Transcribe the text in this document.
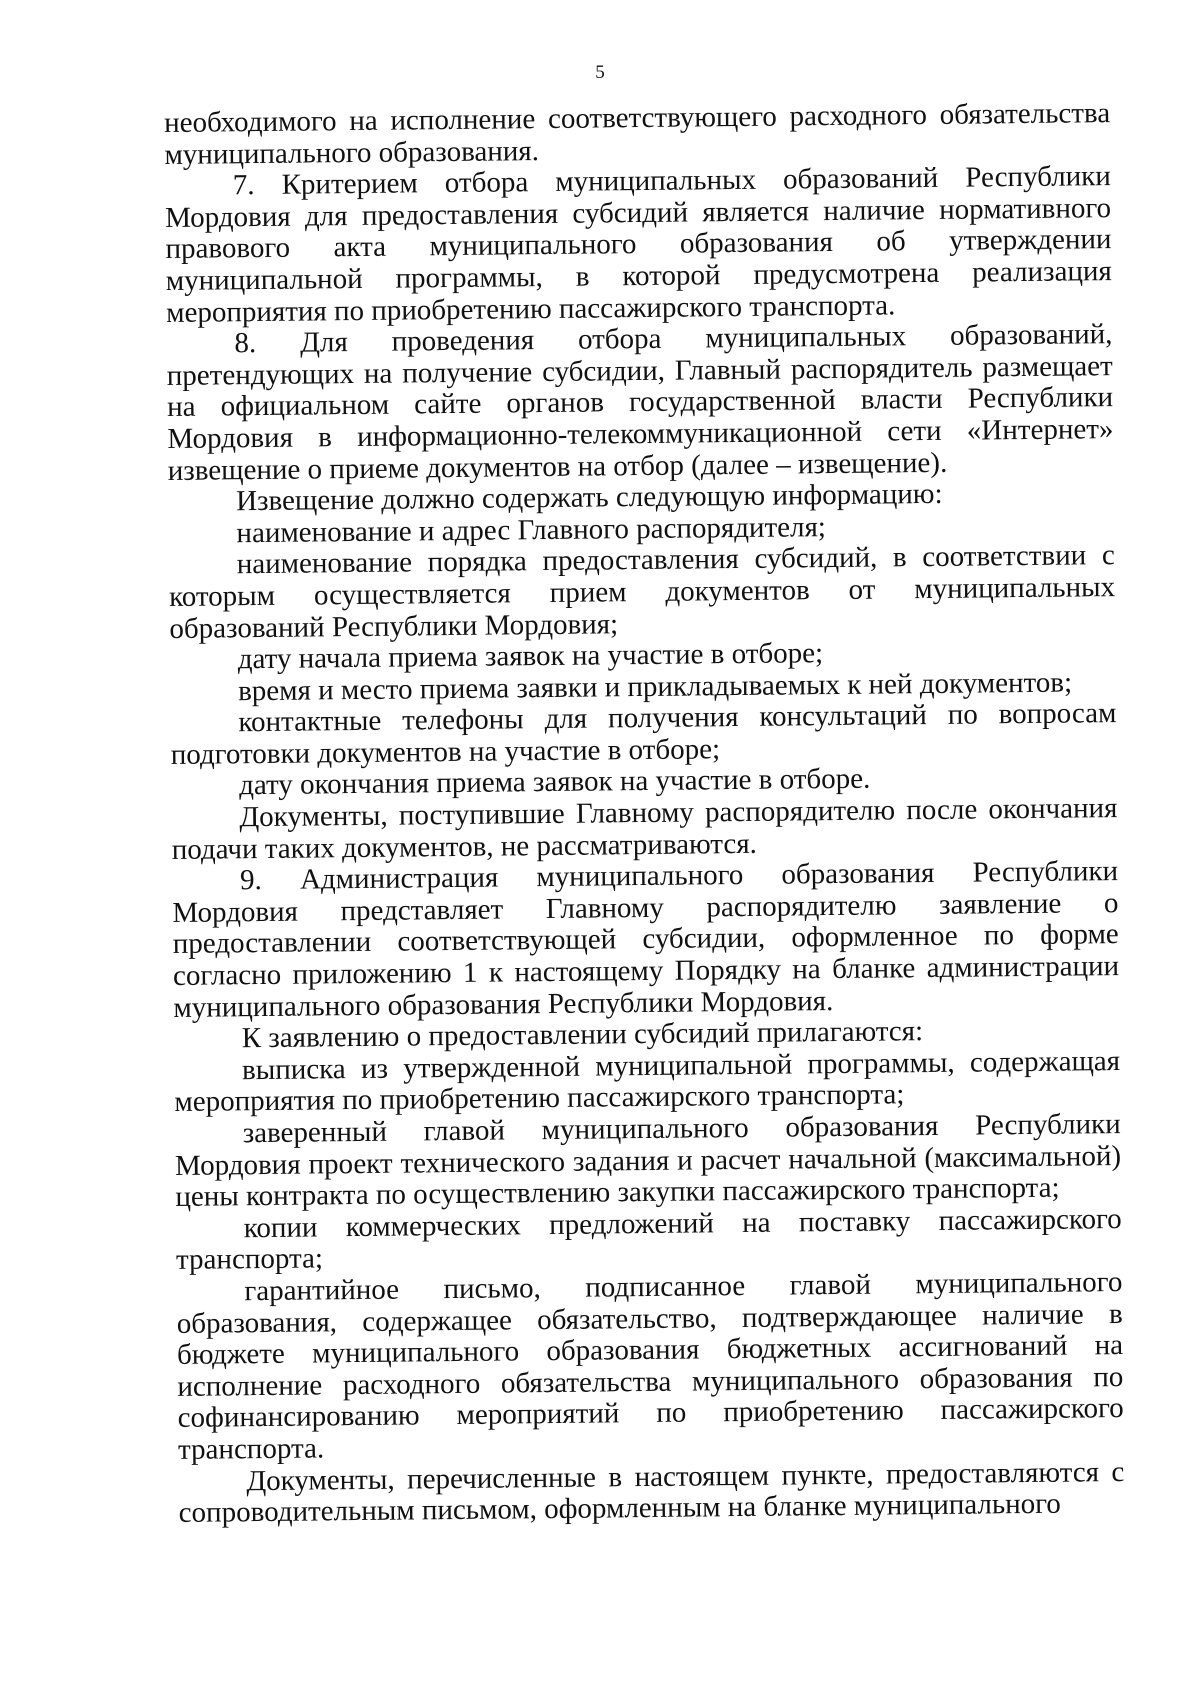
5

необходимого на исполнение соответствующего расходного обязательства муниципального образования.

7. Критерием отбора муниципальных образований Республики Мордовия для предоставления субсидий является наличие нормативного правового акта муниципального образования об утверждении муниципальной программы, в которой предусмотрена реализация мероприятия по приобретению пассажирского транспорта.

8. Для проведения отбора муниципальных образований, претендующих на получение субсидии, Главный распорядитель размещает на официальном сайте органов государственной власти Республики Мордовия в информационно-телекоммуникационной сети «Интернет» извещение о приеме документов на отбор (далее – извещение).

Извещение должно содержать следующую информацию:

наименование и адрес Главного распорядителя;

наименование порядка предоставления субсидий, в соответствии с которым осуществляется прием документов от муниципальных образований Республики Мордовия;

дату начала приема заявок на участие в отборе;

время и место приема заявки и прикладываемых к ней документов;

контактные телефоны для получения консультаций по вопросам подготовки документов на участие в отборе;

дату окончания приема заявок на участие в отборе.

Документы, поступившие Главному распорядителю после окончания подачи таких документов, не рассматриваются.

9. Администрация муниципального образования Республики Мордовия представляет Главному распорядителю заявление о предоставлении соответствующей субсидии, оформленное по форме согласно приложению 1 к настоящему Порядку на бланке администрации муниципального образования Республики Мордовия.

К заявлению о предоставлении субсидий прилагаются:

выписка из утвержденной муниципальной программы, содержащая мероприятия по приобретению пассажирского транспорта;

заверенный главой муниципального образования Республики Мордовия проект технического задания и расчет начальной (максимальной) цены контракта по осуществлению закупки пассажирского транспорта;

копии коммерческих предложений на поставку пассажирского транспорта;

гарантийное письмо, подписанное главой муниципального образования, содержащее обязательство, подтверждающее наличие в бюджете муниципального образования бюджетных ассигнований на исполнение расходного обязательства муниципального образования по софинансированию мероприятий по приобретению пассажирского транспорта.

Документы, перечисленные в настоящем пункте, предоставляются с сопроводительным письмом, оформленным на бланке муниципального
